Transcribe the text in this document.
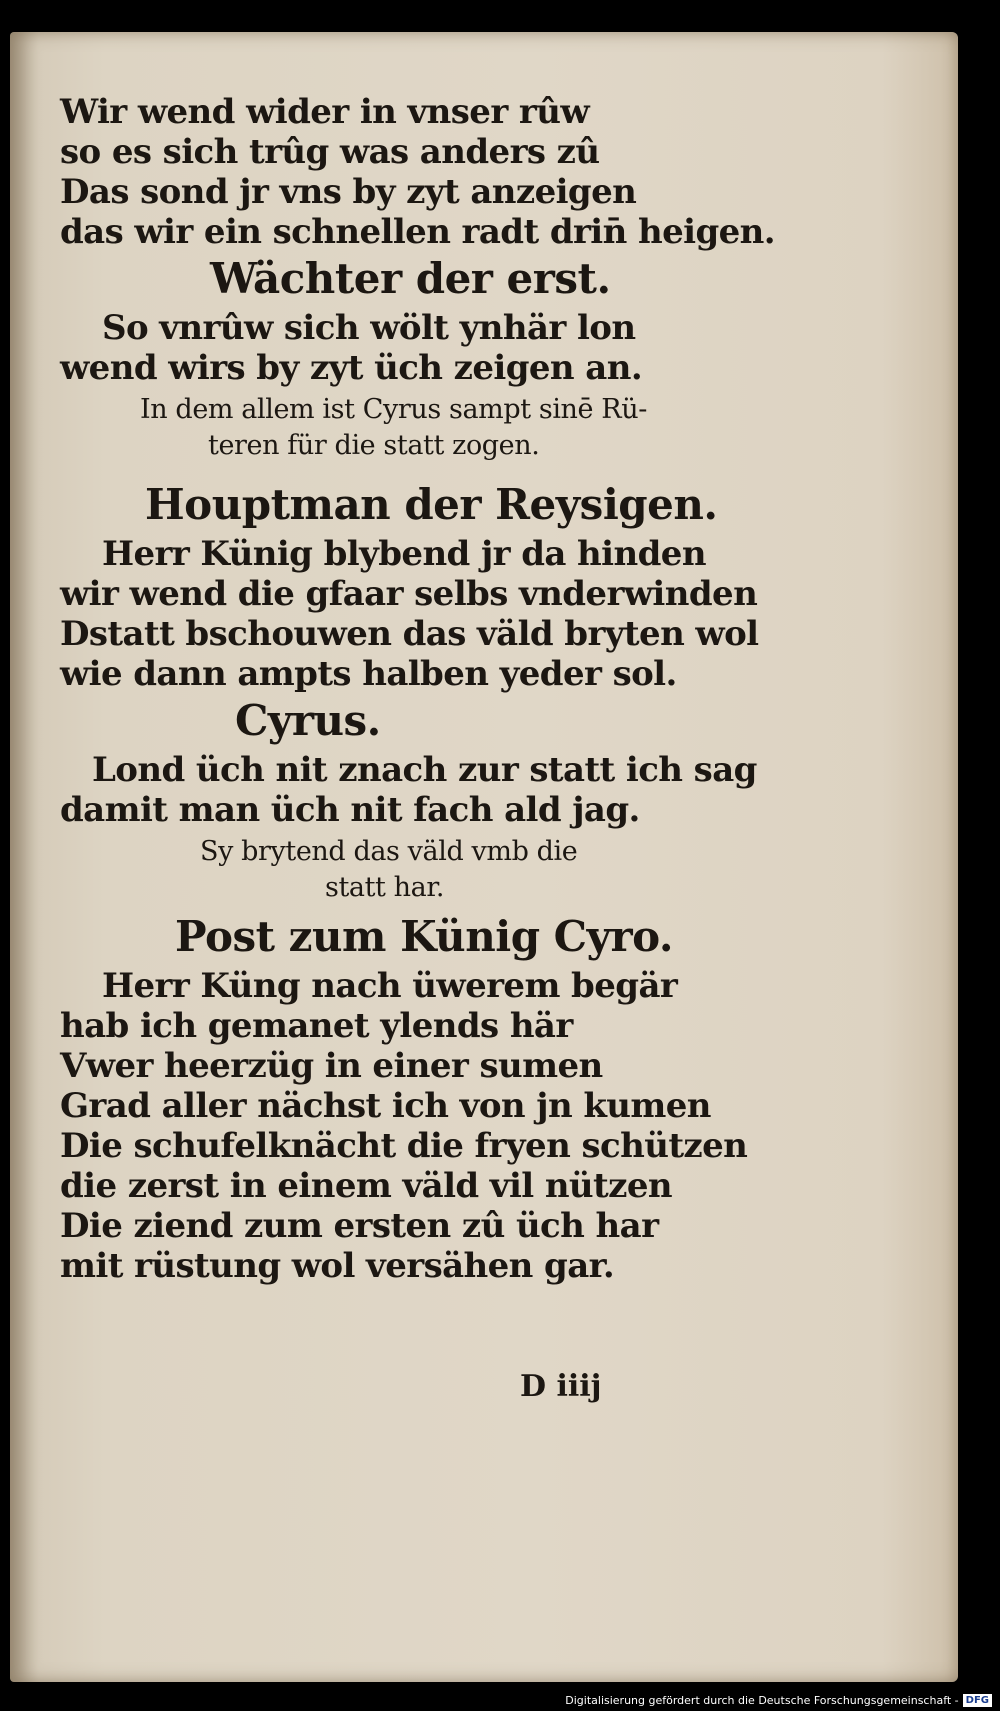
Wir wend wider in vnser rûw
so es sich trûg was anders zû
Das sond jr vns by zyt anzeigen
das wir ein schnellen radt drin̄ heigen.
Wächter der erst.
So vnrûw sich wölt ynhär lon
wend wirs by zyt üch zeigen an.
In dem allem ist Cyrus sampt sinē Rü-
teren für die statt zogen.
Houptman der Reysigen.
Herr Künig blybend jr da hinden
wir wend die gfaar selbs vnderwinden
Dstatt bschouwen das väld bryten wol
wie dann ampts halben yeder sol.
Cyrus.
Lond üch nit znach zur statt ich sag
damit man üch nit fach ald jag.
Sy brytend das väld vmb die
statt har.
Post zum Künig Cyro.
Herr Küng nach üwerem begär
hab ich gemanet ylends här
Vwer heerzüg in einer sumen
Grad aller nächst ich von jn kumen
Die schufelknächt die fryen schützen
die zerst in einem väld vil nützen
Die ziend zum ersten zû üch har
mit rüstung wol versähen gar.
D iiij
Digitalisierung gefördert durch die Deutsche Forschungsgemeinschaft - DFG
